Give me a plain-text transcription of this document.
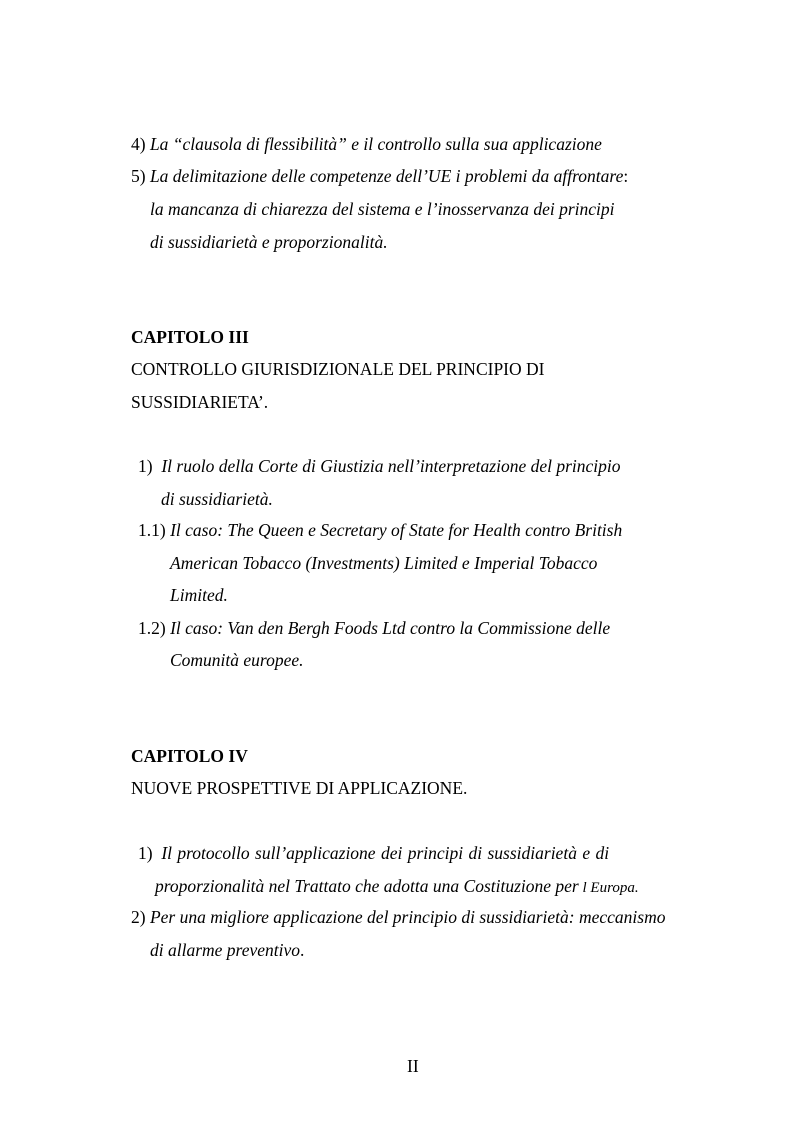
4) La “clausola di flessibilità” e il controllo sulla sua applicazione
5) La delimitazione delle competenze dell’UE i problemi da affrontare:
la mancanza di chiarezza del sistema e l’inosservanza dei principi
di sussidiarietà e proporzionalità.
CAPITOLO III
CONTROLLO GIURISDIZIONALE DEL PRINCIPIO DI
SUSSIDIARIETA’.
1) Il ruolo della Corte di Giustizia nell’interpretazione del principio
di sussidiarietà.
1.1) Il caso: The Queen e Secretary of State for Health contro British
American Tobacco (Investments) Limited e Imperial Tobacco
Limited.
1.2) Il caso: Van den Bergh Foods Ltd contro la Commissione delle
Comunità europee.
CAPITOLO IV
NUOVE PROSPETTIVE DI APPLICAZIONE.
1) Il protocollo sull’applicazione dei principi di sussidiarietà e di
proporzionalità nel Trattato che adotta una Costituzione per l Europa.
2) Per una migliore applicazione del principio di sussidiarietà: meccanismo
di allarme preventivo.
II
